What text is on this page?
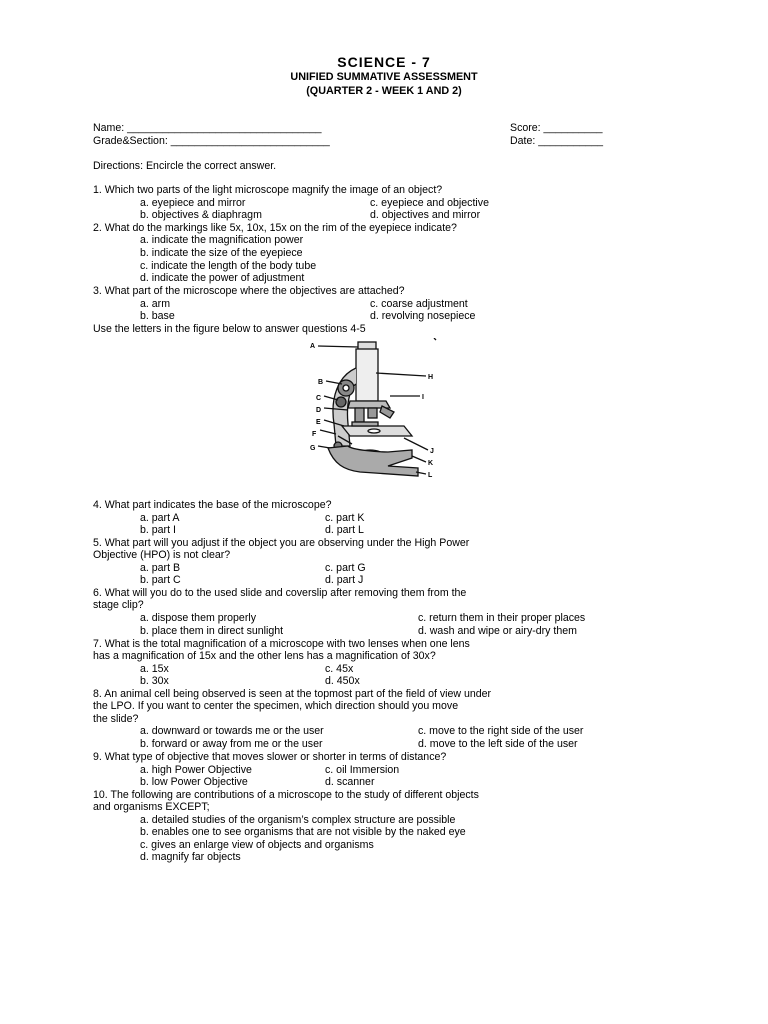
SCIENCE - 7
UNIFIED SUMMATIVE ASSESSMENT
(QUARTER 2 - WEEK 1 AND 2)
Name: _________________________________
Grade&Section: ___________________________
Score: __________
Date: ___________
Directions: Encircle the correct answer.
1. Which two parts of the light microscope magnify the image of an object?
a. eyepiece and mirror	c. eyepiece and objective
b. objectives & diaphragm	d. objectives and mirror
2. What do the markings like 5x, 10x, 15x on the rim of the eyepiece indicate?
a. indicate the magnification power
b. indicate the size of the eyepiece
c. indicate the length of the body tube
d. indicate the power of adjustment
3. What part of the microscope where the objectives are attached?
a. arm	c. coarse adjustment
b. base	d. revolving nosepiece
Use the letters in the figure below to answer questions 4-5
A
B
C
D
E
F
G
H
I
J
K
L
4. What part indicates the base of the microscope?
a. part A	c. part K
b. part I	d. part L
5. What part will you adjust if the object you are observing under the High Power
Objective (HPO) is not clear?
a. part B	c. part G
b. part C	d. part J
6. What will you do to the used slide and coverslip after removing them from the
stage clip?
a. dispose them properly	c. return them in their proper places
b. place them in direct sunlight	d. wash and wipe or airy-dry them
7. What is the total magnification of a microscope with two lenses when one lens
has a magnification of 15x and the other lens has a magnification of 30x?
a. 15x	c. 45x
b. 30x	d. 450x
8. An animal cell being observed is seen at the topmost part of the field of view under
the LPO. If you want to center the specimen, which direction should you move
the slide?
a. downward or towards me or the user	c. move to the right side of the user
b. forward or away from me or the user	d. move to the left side of the user
9. What type of objective that moves slower or shorter in terms of distance?
a. high Power Objective	c. oil Immersion
b. low Power Objective	d. scanner
10. The following are contributions of a microscope to the study of different objects
and organisms EXCEPT;
a. detailed studies of the organism’s complex structure are possible
b. enables one to see organisms that are not visible by the naked eye
c. gives an enlarge view of objects and organisms
d. magnify far objects
